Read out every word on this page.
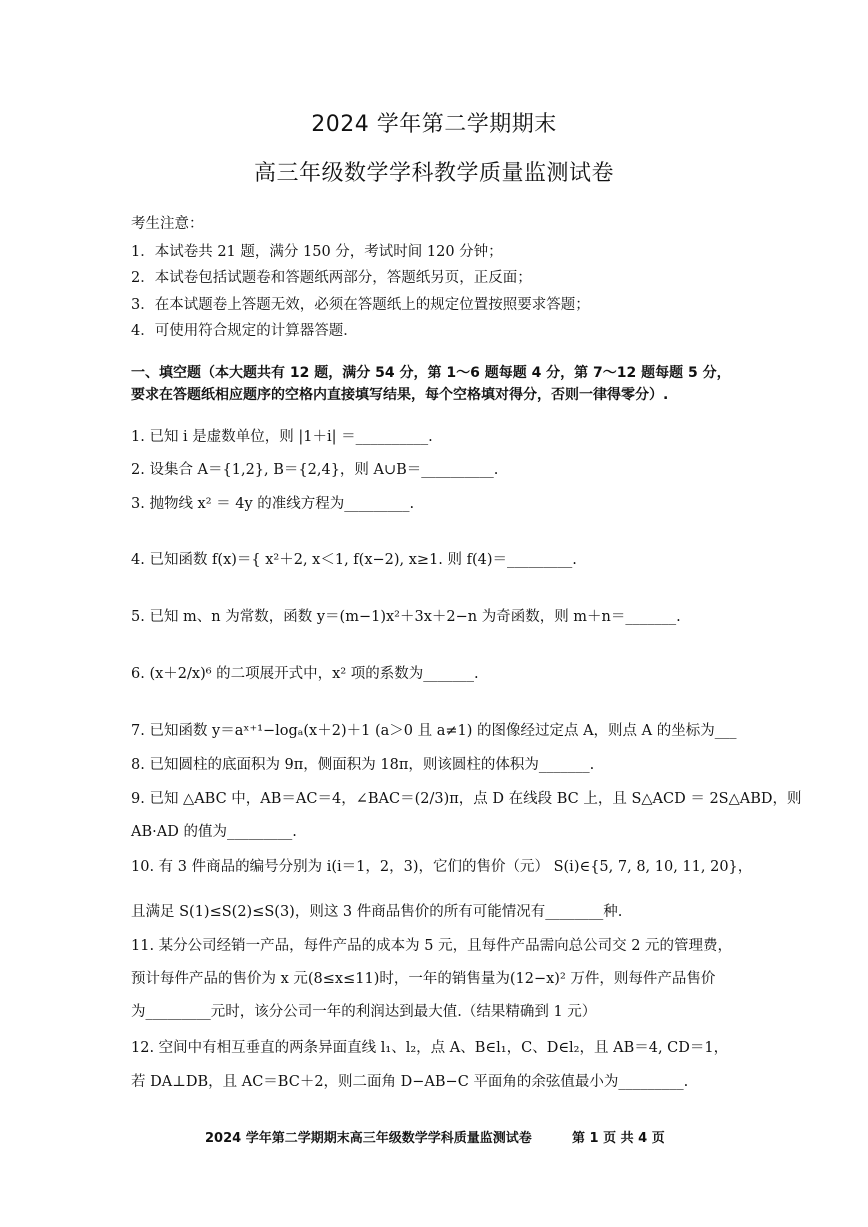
2024 学年第二学期期末
高三年级数学学科教学质量监测试卷
考生注意：
1．本试卷共 21 题，满分 150 分，考试时间 120 分钟；
2．本试卷包括试题卷和答题纸两部分，答题纸另页，正反面；
3．在本试题卷上答题无效，必须在答题纸上的规定位置按照要求答题；
4．可使用符合规定的计算器答题．
一、填空题（本大题共有 12 题，满分 54 分，第 1～6 题每题 4 分，第 7～12 题每题 5 分，
要求在答题纸相应题序的空格内直接填写结果，每个空格填对得分，否则一律得零分）.
1. 已知 i 是虚数单位，则 |1＋i| ＝__________.
2. 设集合 A＝{1,2}, B＝{2,4}，则 A∪B＝__________.
3. 抛物线 x² ＝ 4y 的准线方程为_________.
4. 已知函数 f(x)＝{ x²＋2, x＜1, f(x−2), x≥1. 则 f(4)＝_________.
5. 已知 m、n 为常数，函数 y＝(m−1)x²＋3x＋2−n 为奇函数，则 m＋n＝_______.
6. (x＋2/x)⁶ 的二项展开式中，x² 项的系数为_______.
7. 已知函数 y＝aˣ⁺¹−logₐ(x＋2)＋1 (a＞0 且 a≠1) 的图像经过定点 A，则点 A 的坐标为___
8. 已知圆柱的底面积为 9π，侧面积为 18π，则该圆柱的体积为_______.
9. 已知 △ABC 中，AB＝AC＝4，∠BAC＝(2/3)π，点 D 在线段 BC 上，且 S△ACD ＝ 2S△ABD，则
AB·AD 的值为_________.
10. 有 3 件商品的编号分别为 i(i＝1，2，3)，它们的售价（元） S(i)∈{5, 7, 8, 10, 11, 20}，
且满足 S(1)≤S(2)≤S(3)，则这 3 件商品售价的所有可能情况有________种.
11. 某分公司经销一产品，每件产品的成本为 5 元，且每件产品需向总公司交 2 元的管理费，
预计每件产品的售价为 x 元(8≤x≤11)时，一年的销售量为(12−x)² 万件，则每件产品售价
为_________元时，该分公司一年的利润达到最大值.（结果精确到 1 元）
12. 空间中有相互垂直的两条异面直线 l₁、l₂，点 A、B∈l₁，C、D∈l₂，且 AB＝4, CD＝1，
若 DA⊥DB，且 AC＝BC＋2，则二面角 D−AB−C 平面角的余弦值最小为_________.
2024 学年第二学期期末高三年级数学学科质量监测试卷	第 1 页 共 4 页
